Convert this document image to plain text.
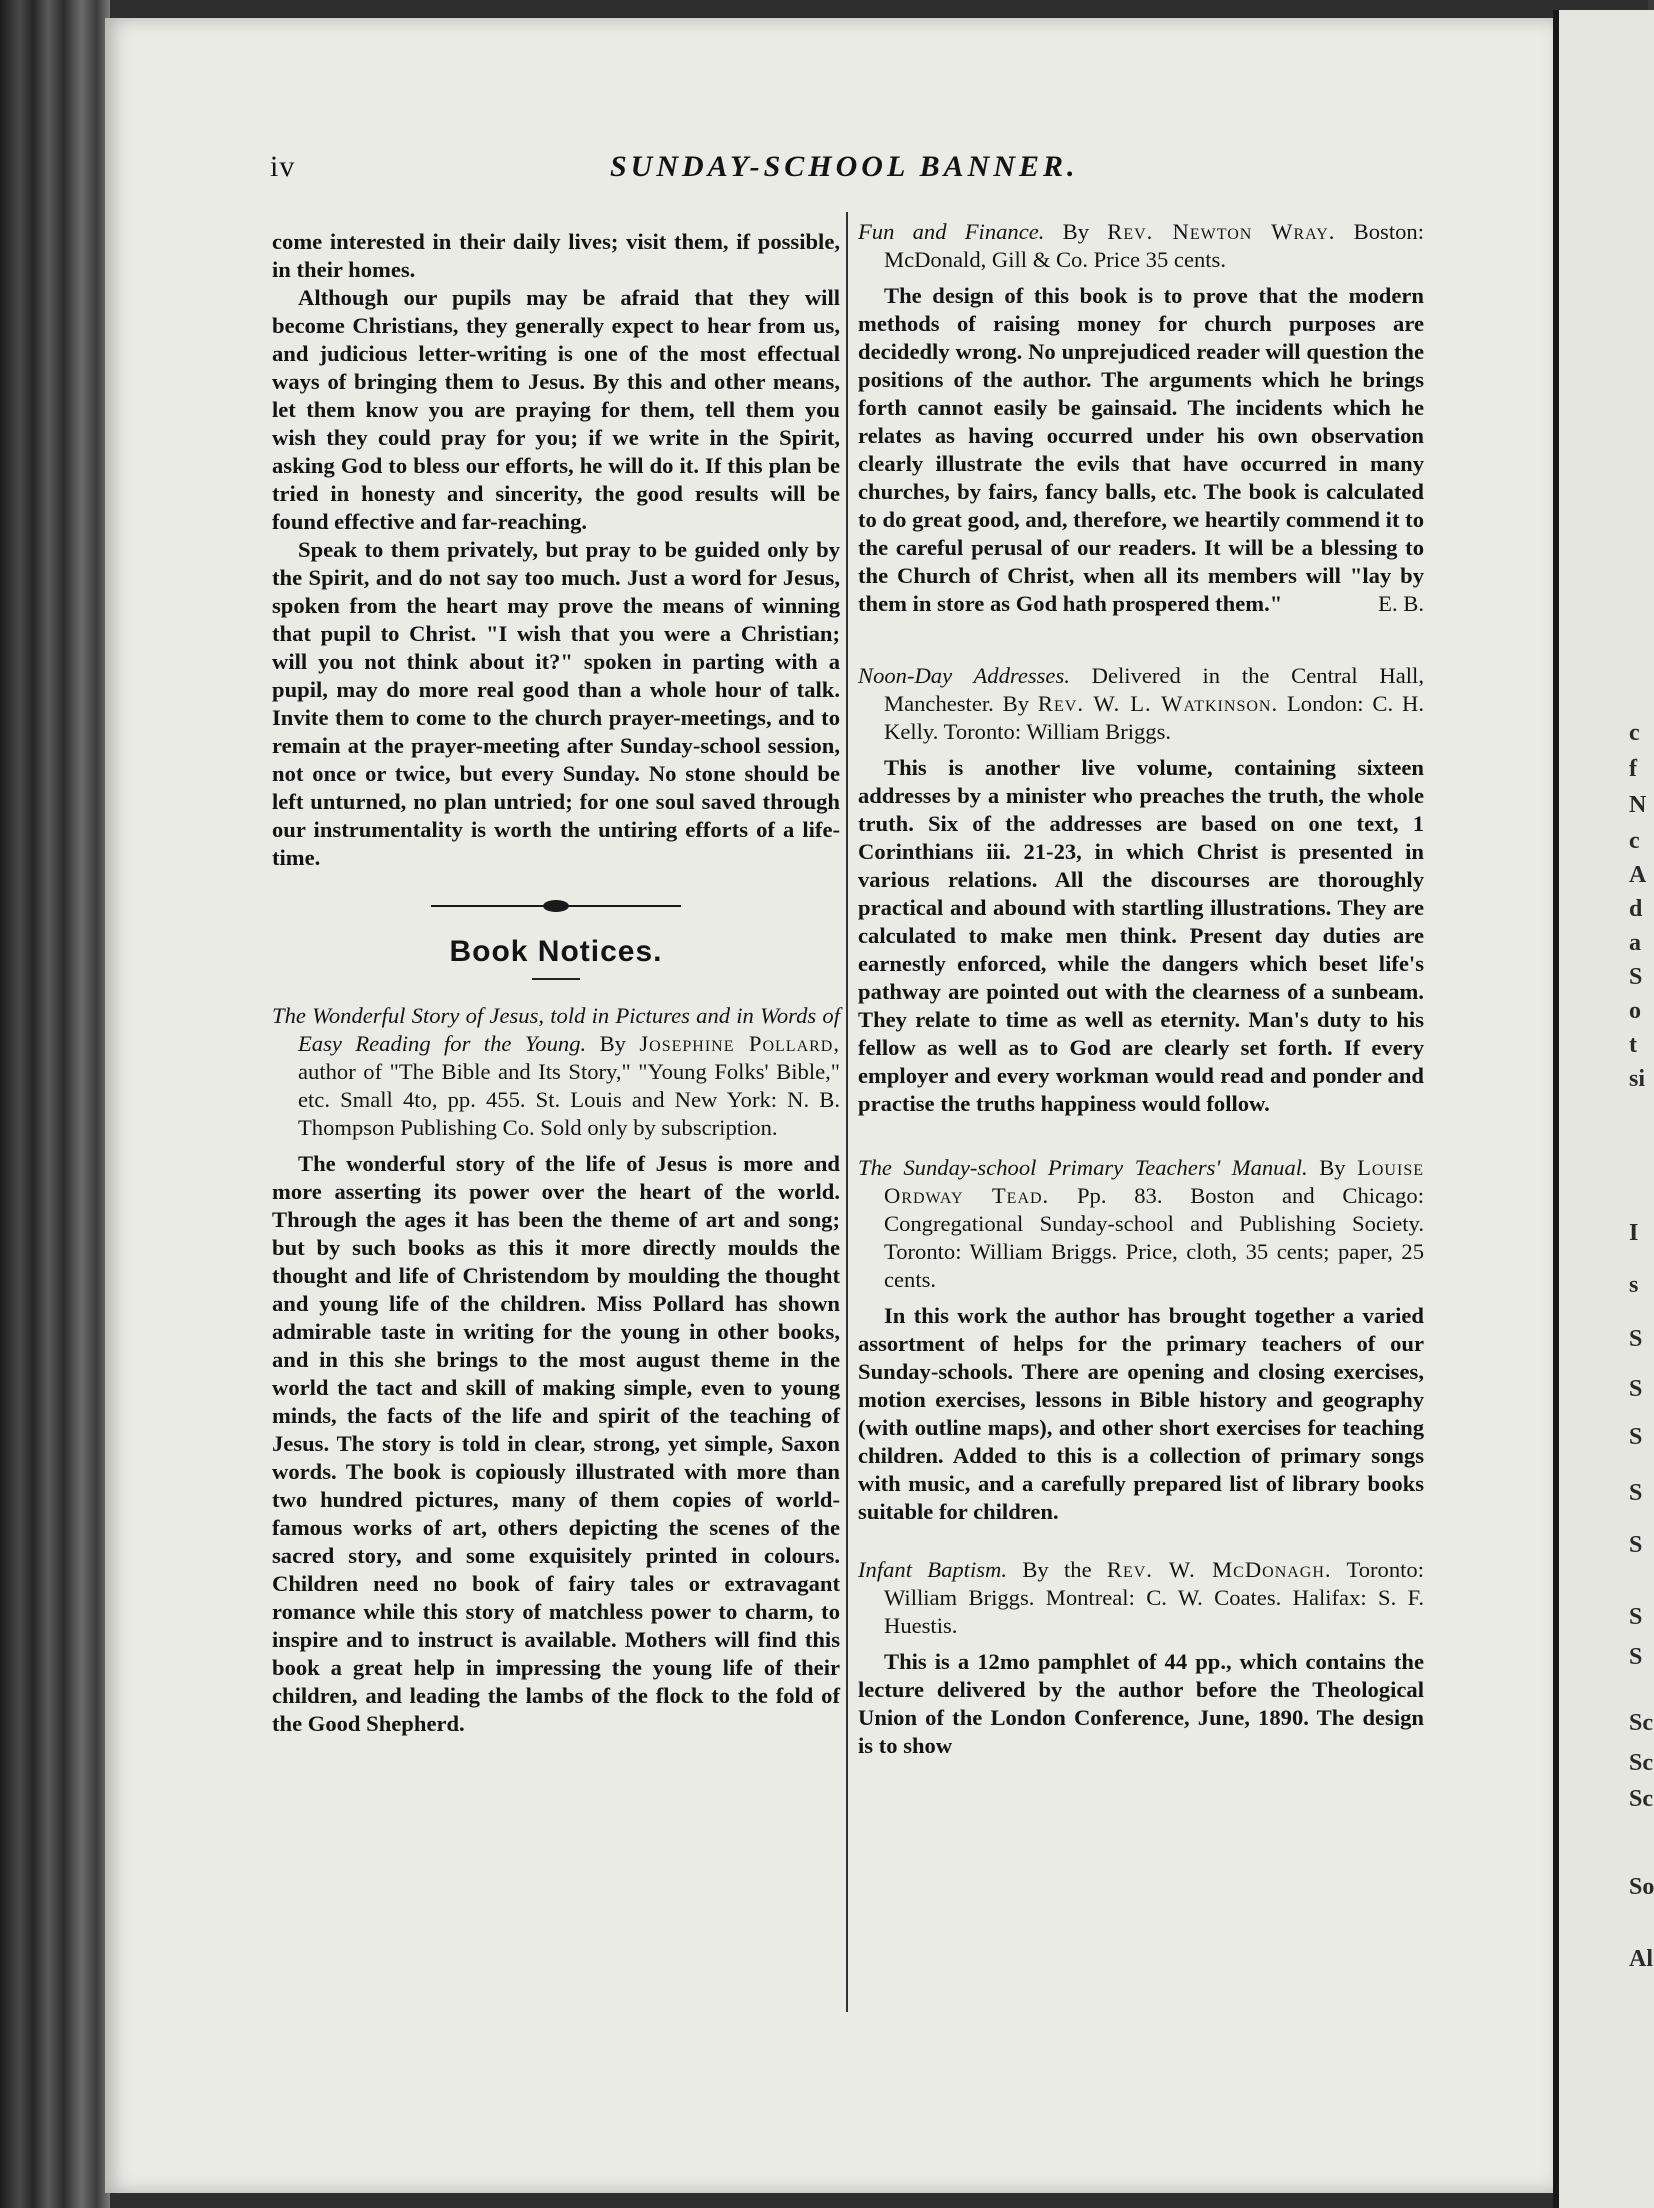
c
f
N
c
A
d
a
S
o
t
si
I
s
S
S
S
S
S
S
S
Sc
Sc
Sc
So
Al
iv	SUNDAY-SCHOOL BANNER.

come interested in their daily lives; visit them, if possible, in their homes.

Although our pupils may be afraid that they will become Christians, they generally expect to hear from us, and judicious letter-writing is one of the most effectual ways of bringing them to Jesus. By this and other means, let them know you are praying for them, tell them you wish they could pray for you; if we write in the Spirit, asking God to bless our efforts, he will do it. If this plan be tried in honesty and sincerity, the good results will be found effective and far-reaching.

Speak to them privately, but pray to be guided only by the Spirit, and do not say too much. Just a word for Jesus, spoken from the heart may prove the means of winning that pupil to Christ. "I wish that you were a Christian; will you not think about it?" spoken in parting with a pupil, may do more real good than a whole hour of talk. Invite them to come to the church prayer-meetings, and to remain at the prayer-meeting after Sunday-school session, not once or twice, but every Sunday. No stone should be left unturned, no plan untried; for one soul saved through our instrumentality is worth the untiring efforts of a life-time.

Book Notices.

The Wonderful Story of Jesus, told in Pictures and in Words of Easy Reading for the Young. By Josephine Pollard, author of "The Bible and Its Story," "Young Folks' Bible," etc. Small 4to, pp. 455. St. Louis and New York: N. B. Thompson Publishing Co. Sold only by subscription.

The wonderful story of the life of Jesus is more and more asserting its power over the heart of the world. Through the ages it has been the theme of art and song; but by such books as this it more directly moulds the thought and life of Christendom by moulding the thought and young life of the children. Miss Pollard has shown admirable taste in writing for the young in other books, and in this she brings to the most august theme in the world the tact and skill of making simple, even to young minds, the facts of the life and spirit of the teaching of Jesus. The story is told in clear, strong, yet simple, Saxon words. The book is copiously illustrated with more than two hundred pictures, many of them copies of world-famous works of art, others depicting the scenes of the sacred story, and some exquisitely printed in colours. Children need no book of fairy tales or extravagant romance while this story of matchless power to charm, to inspire and to instruct is available. Mothers will find this book a great help in impressing the young life of their children, and leading the lambs of the flock to the fold of the Good Shepherd.

Fun and Finance. By Rev. Newton Wray. Boston: McDonald, Gill & Co. Price 35 cents.

The design of this book is to prove that the modern methods of raising money for church purposes are decidedly wrong. No unprejudiced reader will question the positions of the author. The arguments which he brings forth cannot easily be gainsaid. The incidents which he relates as having occurred under his own observation clearly illustrate the evils that have occurred in many churches, by fairs, fancy balls, etc. The book is calculated to do great good, and, therefore, we heartily commend it to the careful perusal of our readers. It will be a blessing to the Church of Christ, when all its members will "lay by them in store as God hath prospered them."	E. B.

Noon-Day Addresses. Delivered in the Central Hall, Manchester. By Rev. W. L. Watkinson. London: C. H. Kelly. Toronto: William Briggs.

This is another live volume, containing sixteen addresses by a minister who preaches the truth, the whole truth. Six of the addresses are based on one text, 1 Corinthians iii. 21-23, in which Christ is presented in various relations. All the discourses are thoroughly practical and abound with startling illustrations. They are calculated to make men think. Present day duties are earnestly enforced, while the dangers which beset life's pathway are pointed out with the clearness of a sunbeam. They relate to time as well as eternity. Man's duty to his fellow as well as to God are clearly set forth. If every employer and every workman would read and ponder and practise the truths happiness would follow.

The Sunday-school Primary Teachers' Manual. By Louise Ordway Tead. Pp. 83. Boston and Chicago: Congregational Sunday-school and Publishing Society. Toronto: William Briggs. Price, cloth, 35 cents; paper, 25 cents.

In this work the author has brought together a varied assortment of helps for the primary teachers of our Sunday-schools. There are opening and closing exercises, motion exercises, lessons in Bible history and geography (with outline maps), and other short exercises for teaching children. Added to this is a collection of primary songs with music, and a carefully prepared list of library books suitable for children.

Infant Baptism. By the Rev. W. McDonagh. Toronto: William Briggs. Montreal: C. W. Coates. Halifax: S. F. Huestis.

This is a 12mo pamphlet of 44 pp., which contains the lecture delivered by the author before the Theological Union of the London Conference, June, 1890. The design is to show
